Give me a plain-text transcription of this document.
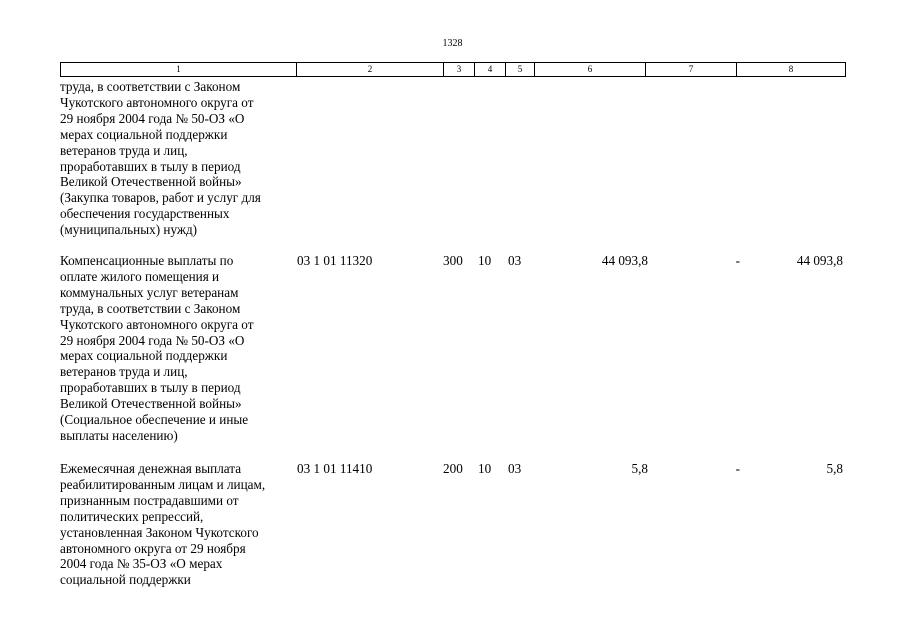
1328
1	2	3	4	5	6	7	8
труда, в соответствии с Законом
Чукотского автономного округа от
29 ноября 2004 года № 50-ОЗ «О
мерах социальной поддержки
ветеранов труда и лиц,
проработавших в тылу в период
Великой Отечественной войны»
(Закупка товаров, работ и услуг для
обеспечения государственных
(муниципальных) нужд)
Компенсационные выплаты по
оплате жилого помещения и
коммунальных услуг ветеранам
труда, в соответствии с Законом
Чукотского автономного округа от
29 ноября 2004 года № 50-ОЗ «О
мерах социальной поддержки
ветеранов труда и лиц,
проработавших в тылу в период
Великой Отечественной войны»
(Социальное обеспечение и иные
выплаты населению)
03 1 01 11320	300 10 03	44 093,8	-	44 093,8
Ежемесячная денежная выплата
реабилитированным лицам и лицам,
признанным пострадавшими от
политических репрессий,
установленная Законом Чукотского
автономного округа от 29 ноября
2004 года № 35-ОЗ «О мерах
социальной поддержки
03 1 01 11410	200 10 03	5,8	-	5,8
